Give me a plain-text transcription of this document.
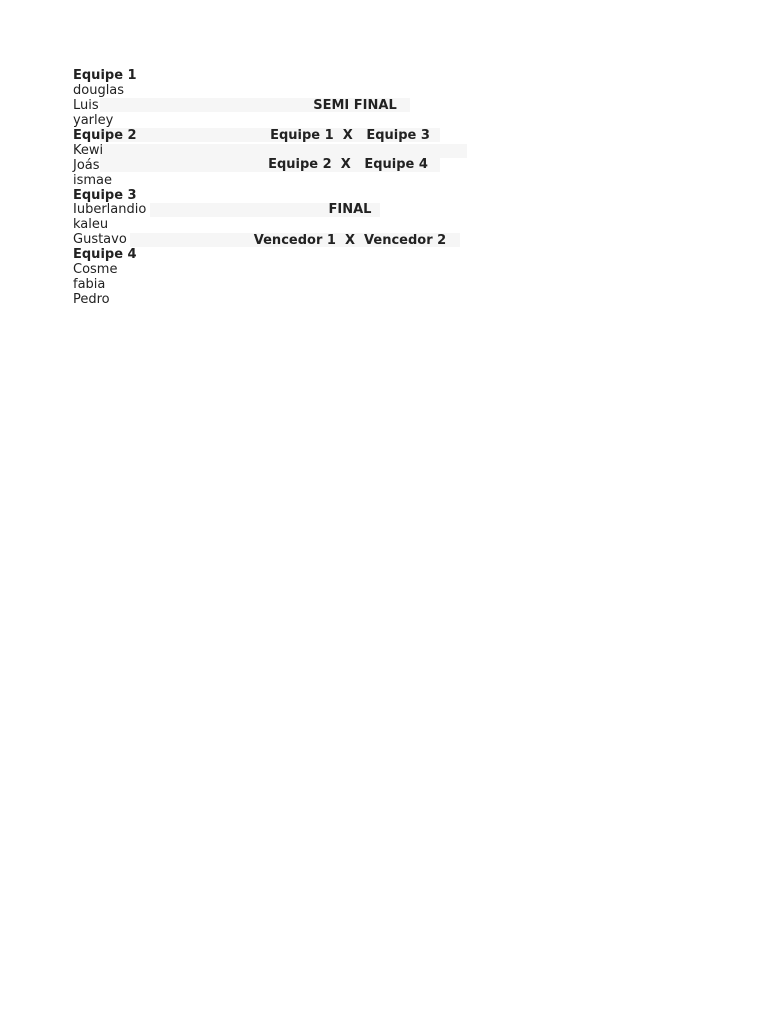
Equipe 1
douglas
Luis
yarley
Equipe 2
Kewi
Joás
ismae
Equipe 3
Iuberlandio
kaleu
Gustavo
Equipe 4
Cosme
fabia
Pedro
SEMI FINAL
Equipe 1  X   Equipe 3
Equipe 2  X   Equipe 4
FINAL
Vencedor 1  X  Vencedor 2
